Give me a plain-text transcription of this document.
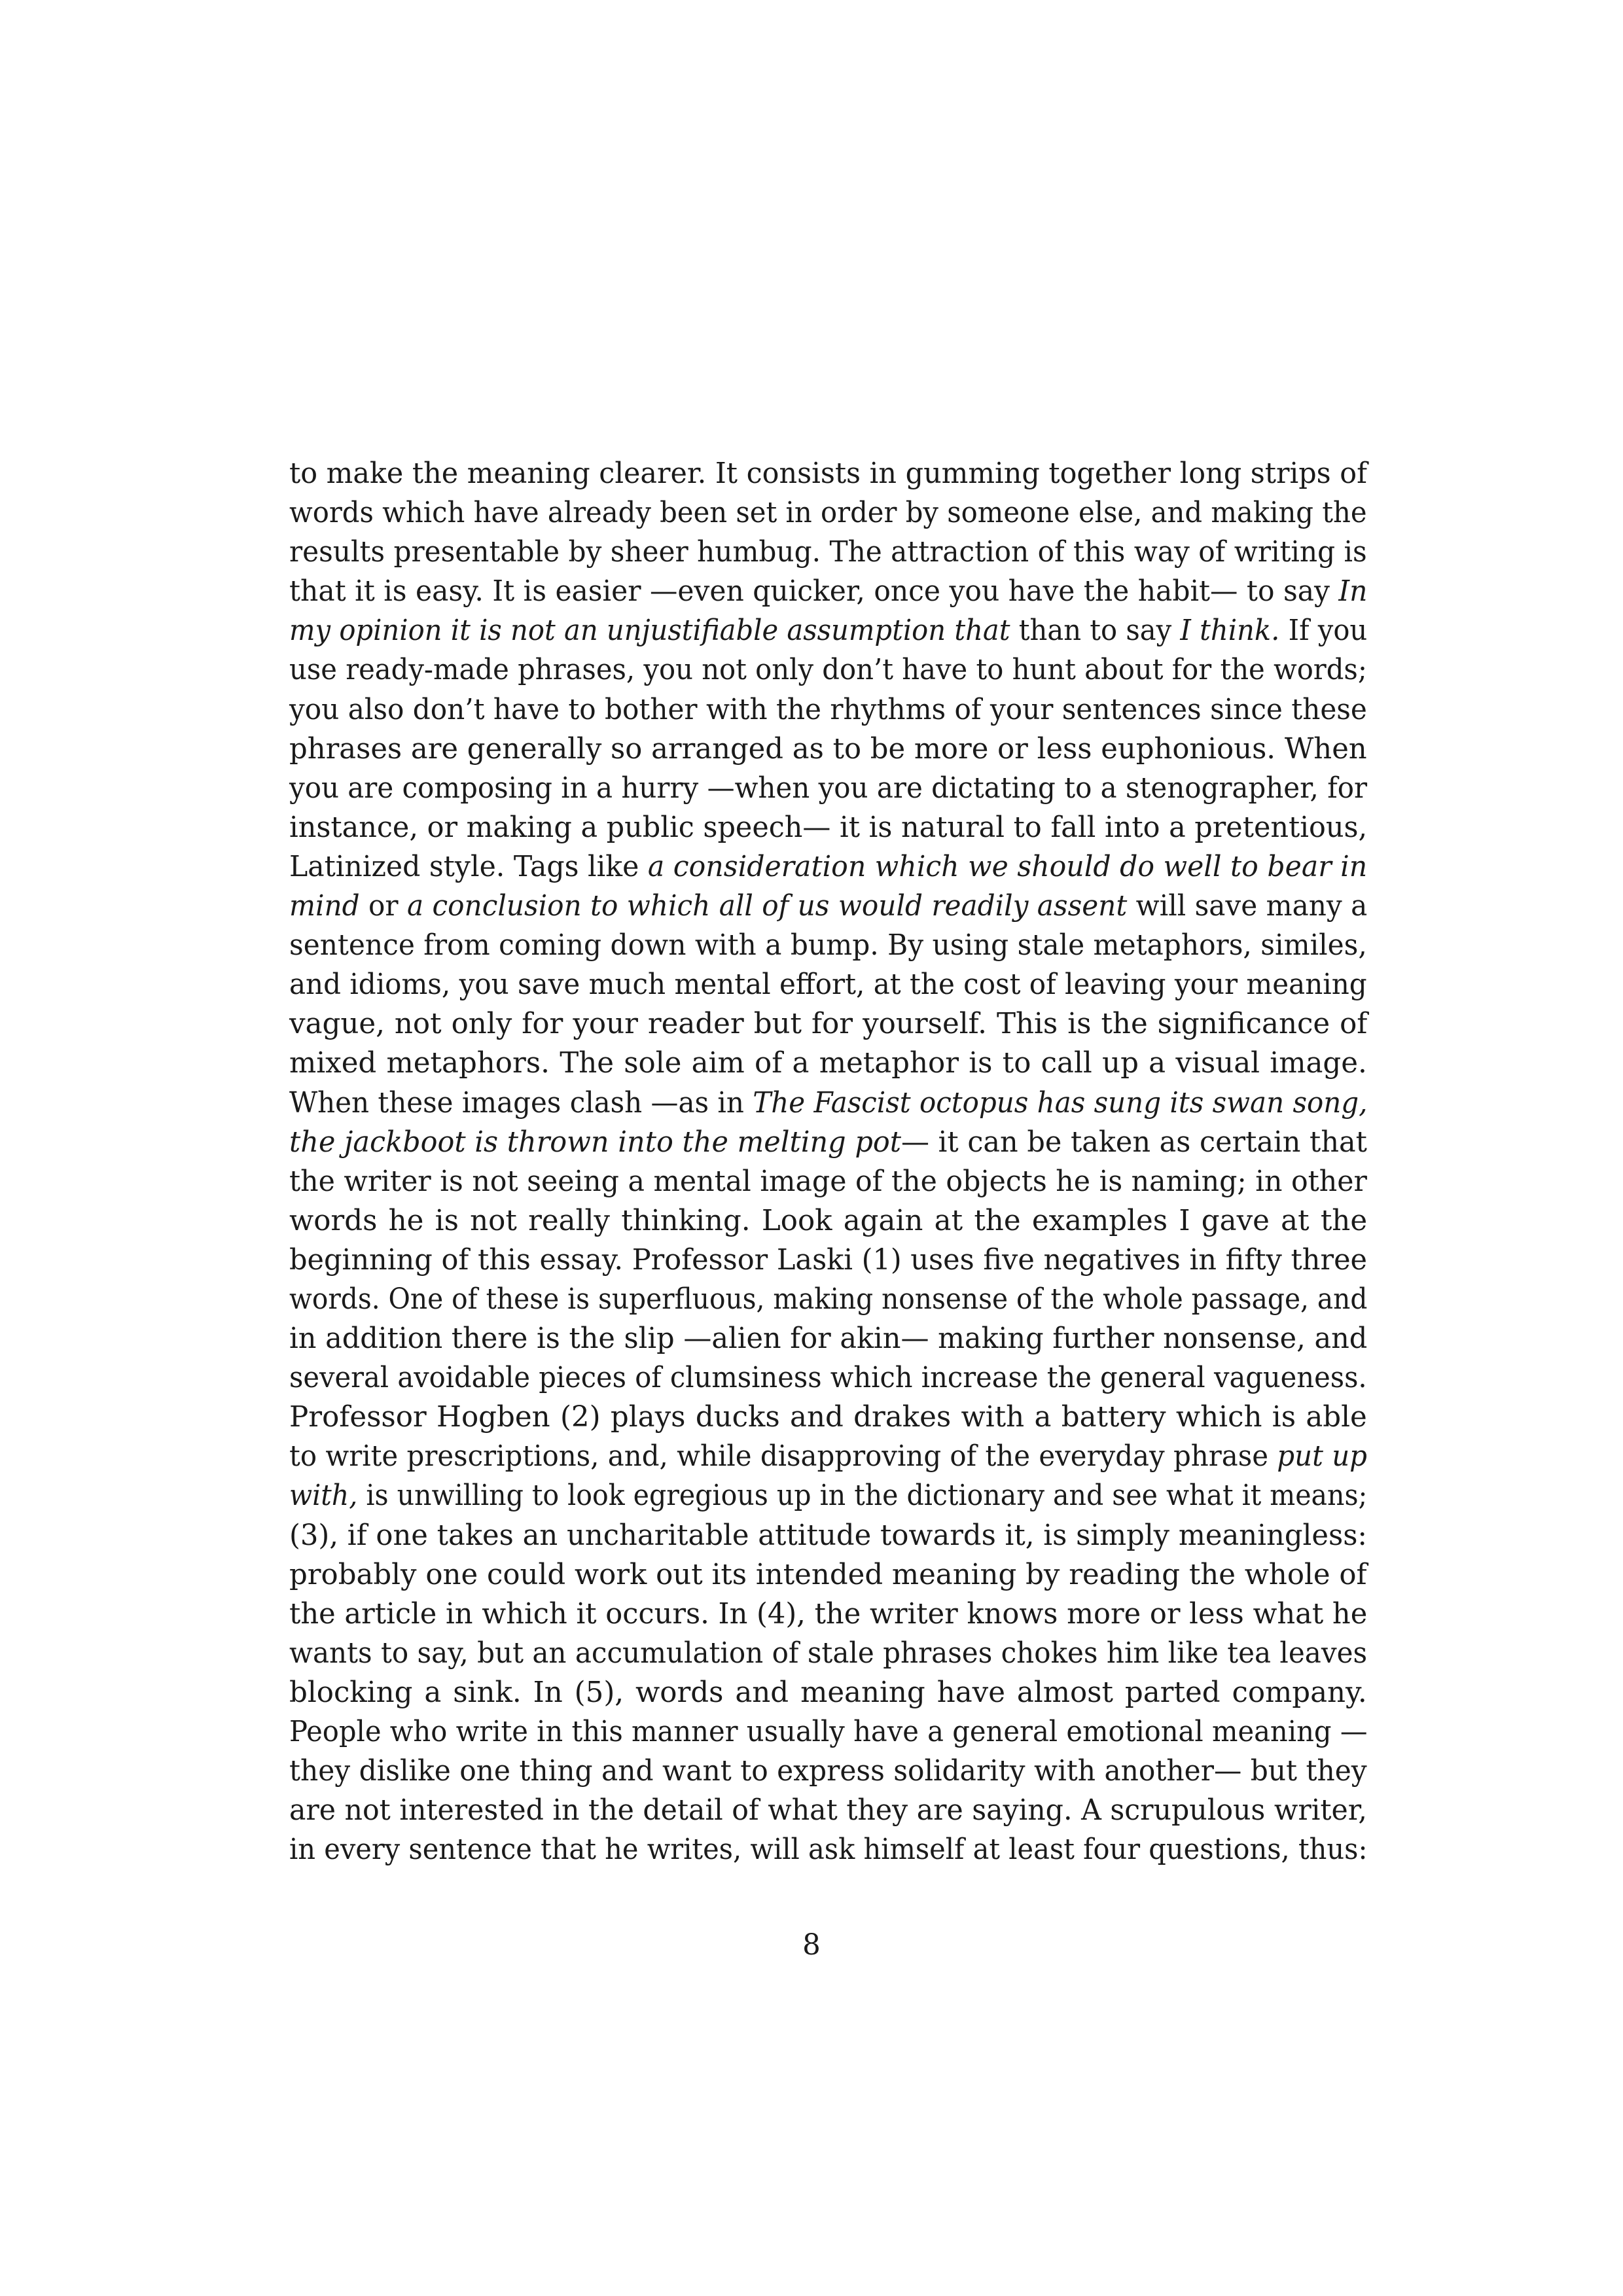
to make the meaning clearer. It consists in gumming together long strips of
words which have already been set in order by someone else, and making the
results presentable by sheer humbug. The attraction of this way of writing is
that it is easy. It is easier —even quicker, once you have the habit— to say In
my opinion it is not an unjustifiable assumption that than to say I think. If you
use ready-made phrases, you not only don’t have to hunt about for the words;
you also don’t have to bother with the rhythms of your sentences since these
phrases are generally so arranged as to be more or less euphonious. When
you are composing in a hurry —when you are dictating to a stenographer, for
instance, or making a public speech— it is natural to fall into a pretentious,
Latinized style. Tags like a consideration which we should do well to bear in
mind or a conclusion to which all of us would readily assent will save many a
sentence from coming down with a bump. By using stale metaphors, similes,
and idioms, you save much mental effort, at the cost of leaving your meaning
vague, not only for your reader but for yourself. This is the significance of
mixed metaphors. The sole aim of a metaphor is to call up a visual image.
When these images clash —as in The Fascist octopus has sung its swan song,
the jackboot is thrown into the melting pot— it can be taken as certain that
the writer is not seeing a mental image of the objects he is naming; in other
words he is not really thinking. Look again at the examples I gave at the
beginning of this essay. Professor Laski (1) uses five negatives in fifty three
words. One of these is superfluous, making nonsense of the whole passage, and
in addition there is the slip —alien for akin— making further nonsense, and
several avoidable pieces of clumsiness which increase the general vagueness.
Professor Hogben (2) plays ducks and drakes with a battery which is able
to write prescriptions, and, while disapproving of the everyday phrase put up
with, is unwilling to look egregious up in the dictionary and see what it means;
(3), if one takes an uncharitable attitude towards it, is simply meaningless:
probably one could work out its intended meaning by reading the whole of
the article in which it occurs. In (4), the writer knows more or less what he
wants to say, but an accumulation of stale phrases chokes him like tea leaves
blocking a sink. In (5), words and meaning have almost parted company.
People who write in this manner usually have a general emotional meaning —
they dislike one thing and want to express solidarity with another— but they
are not interested in the detail of what they are saying. A scrupulous writer,
in every sentence that he writes, will ask himself at least four questions, thus:
8
